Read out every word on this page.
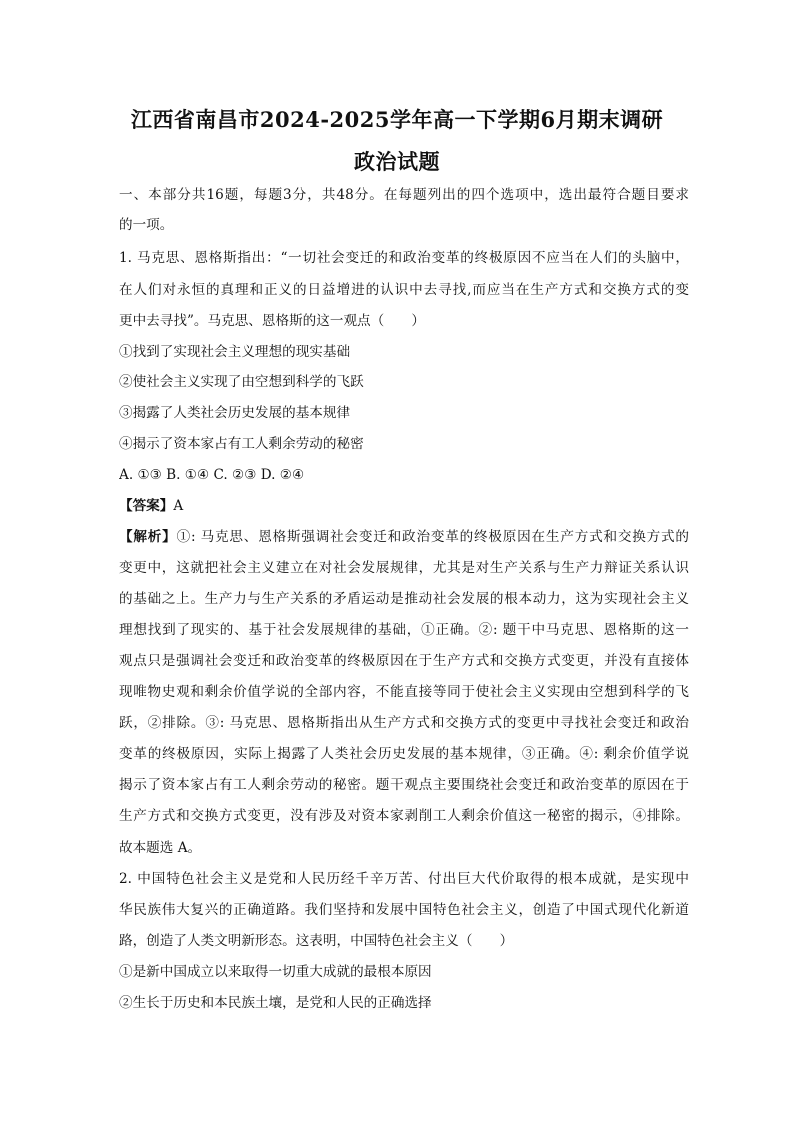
江西省南昌市2024-2025学年高一下学期6月期末调研
政治试题
一、本部分共16题，每题3分，共48分。在每题列出的四个选项中，选出最符合题目要求
的一项。
1. 马克思、恩格斯指出：“一切社会变迁的和政治变革的终极原因不应当在人们的头脑中，
在人们对永恒的真理和正义的日益增进的认识中去寻找,而应当在生产方式和交换方式的变
更中去寻找”。马克思、恩格斯的这一观点（　　）
①找到了实现社会主义理想的现实基础
②使社会主义实现了由空想到科学的飞跃
③揭露了人类社会历史发展的基本规律
④揭示了资本家占有工人剩余劳动的秘密
A. ①③ B. ①④ C. ②③ D. ②④
【答案】A
【解析】①: 马克思、恩格斯强调社会变迁和政治变革的终极原因在生产方式和交换方式的
变更中，这就把社会主义建立在对社会发展规律，尤其是对生产关系与生产力辩证关系认识
的基础之上。生产力与生产关系的矛盾运动是推动社会发展的根本动力，这为实现社会主义
理想找到了现实的、基于社会发展规律的基础，①正确。②: 题干中马克思、恩格斯的这一
观点只是强调社会变迁和政治变革的终极原因在于生产方式和交换方式变更，并没有直接体
现唯物史观和剩余价值学说的全部内容，不能直接等同于使社会主义实现由空想到科学的飞
跃，②排除。③: 马克思、恩格斯指出从生产方式和交换方式的变更中寻找社会变迁和政治
变革的终极原因，实际上揭露了人类社会历史发展的基本规律，③正确。④: 剩余价值学说
揭示了资本家占有工人剩余劳动的秘密。题干观点主要围绕社会变迁和政治变革的原因在于
生产方式和交换方式变更，没有涉及对资本家剥削工人剩余价值这一秘密的揭示，④排除。
故本题选 A。
2. 中国特色社会主义是党和人民历经千辛万苦、付出巨大代价取得的根本成就，是实现中
华民族伟大复兴的正确道路。我们坚持和发展中国特色社会主义，创造了中国式现代化新道
路，创造了人类文明新形态。这表明，中国特色社会主义（　　）
①是新中国成立以来取得一切重大成就的最根本原因
②生长于历史和本民族土壤，是党和人民的正确选择
